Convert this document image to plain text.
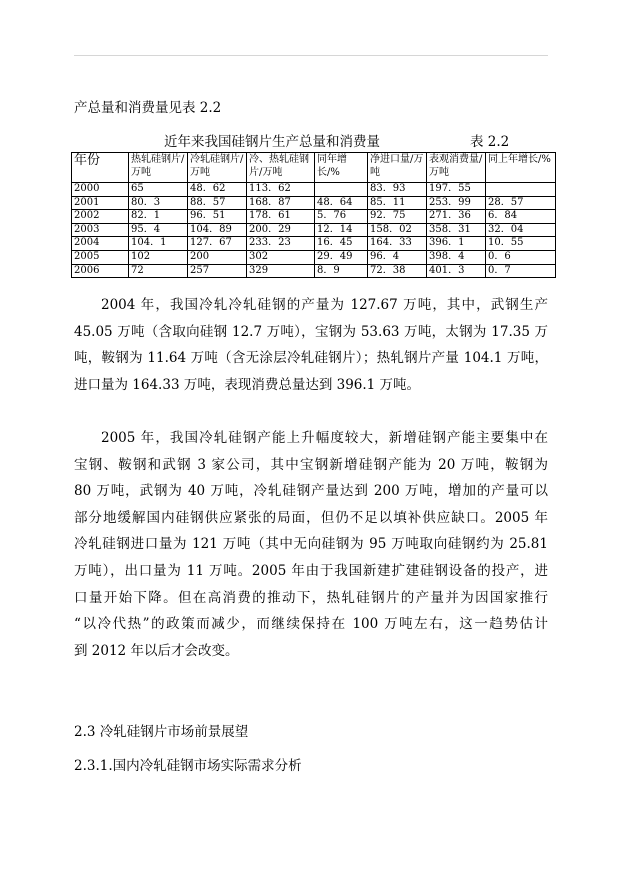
产总量和消费量见表 2.2
近年来我国硅钢片生产总量和消费量	表 2.2
年份	热轧硅钢片/万吨	冷轧硅钢片/万吨	冷、热轧硅钢片/万吨	同年增长/%	净进口量/万吨	表观消费量/万吨	同上年增长/%
2000	65	48．62	113．62		83．93	197．55	
2001	80．3	88．57	168．87	48．64	85．11	253．99	28．57
2002	82．1	96．51	178．61	5．76	92．75	271．36	6．84
2003	95．4	104．89	200．29	12．14	158．02	358．31	32．04
2004	104．1	127．67	233．23	16．45	164．33	396．1	10．55
2005	102	200	302	29．49	96．4	398．4	0．6
2006	72	257	329	8．9	72．38	401．3	0．7
2004 年，我国冷轧冷轧硅钢的产量为 127.67 万吨，其中，武钢生产
45.05 万吨（含取向硅钢 12.7 万吨），宝钢为 53.63 万吨，太钢为 17.35 万
吨，鞍钢为 11.64 万吨（含无涂层冷轧硅钢片）；热轧钢片产量 104.1 万吨，
进口量为 164.33 万吨，表现消费总量达到 396.1 万吨。
2005 年，我国冷轧硅钢产能上升幅度较大，新增硅钢产能主要集中在
宝钢、鞍钢和武钢 3 家公司，其中宝钢新增硅钢产能为 20 万吨，鞍钢为
80 万吨，武钢为 40 万吨，冷轧硅钢产量达到 200 万吨，增加的产量可以
部分地缓解国内硅钢供应紧张的局面，但仍不足以填补供应缺口。2005 年
冷轧硅钢进口量为 121 万吨（其中无向硅钢为 95 万吨取向硅钢约为 25.81
万吨），出口量为 11 万吨。2005 年由于我国新建扩建硅钢设备的投产，进
口量开始下降。但在高消费的推动下，热轧硅钢片的产量并为因国家推行
“以冷代热”的政策而减少，而继续保持在 100 万吨左右，这一趋势估计
到 2012 年以后才会改变。
2.3 冷轧硅钢片市场前景展望
2.3.1.国内冷轧硅钢市场实际需求分析
